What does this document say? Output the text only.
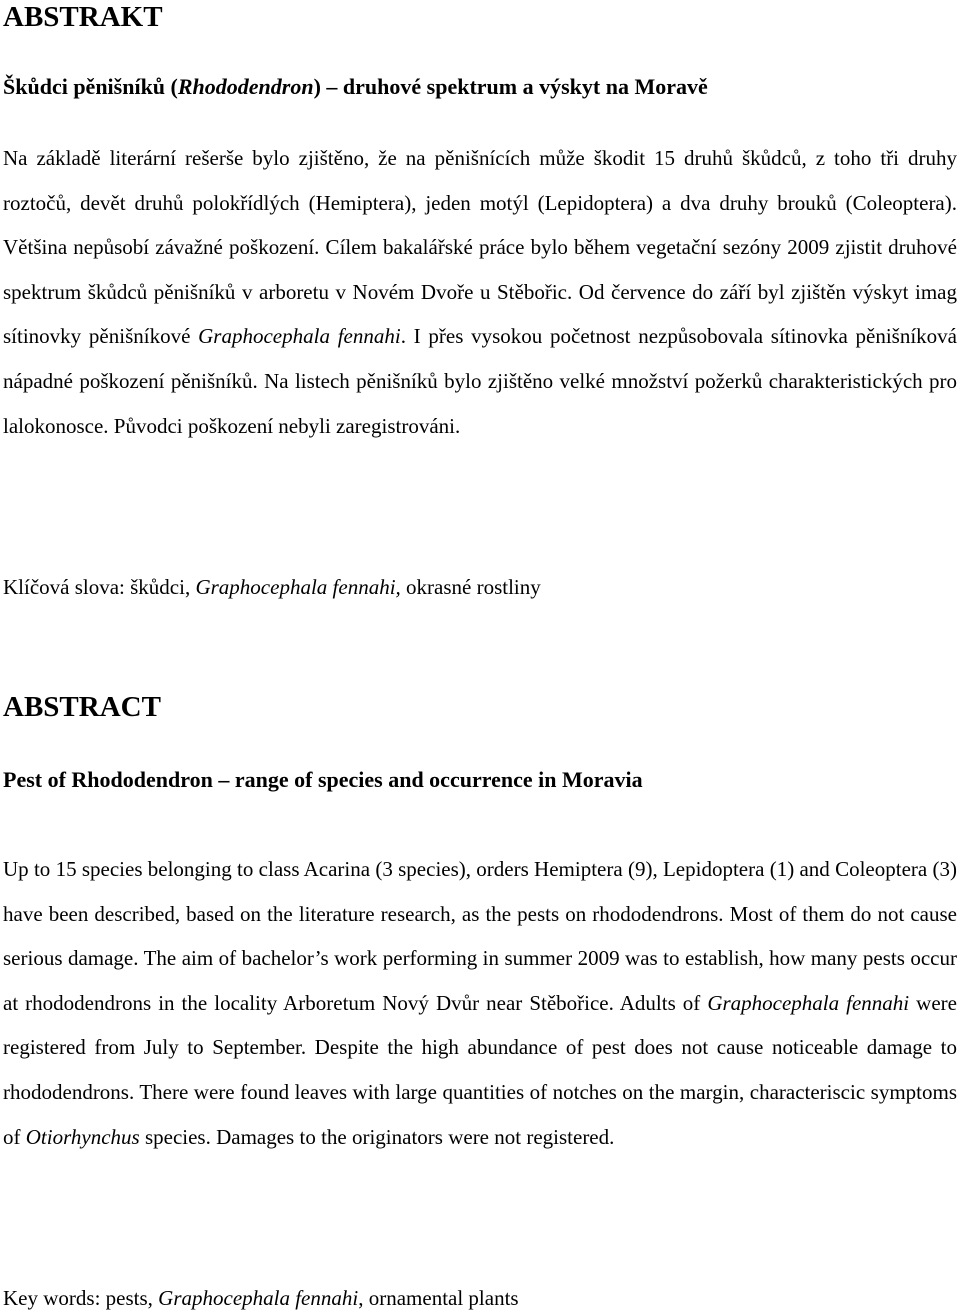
ABSTRAKT

Škůdci pěnišníků (Rhododendron) – druhové spektrum a výskyt na Moravě

Na základě literární rešerše bylo zjištěno, že na pěnišnících může škodit 15 druhů škůdců, z toho tři druhy roztočů, devět druhů polokřídlých (Hemiptera), jeden motýl (Lepidoptera) a dva druhy brouků (Coleoptera). Většina nepůsobí závažné poškození. Cílem bakalářské práce bylo během vegetační sezóny 2009 zjistit druhové spektrum škůdců pěnišníků v arboretu v Novém Dvoře u Stěbořic. Od července do září byl zjištěn výskyt imag sítinovky pěnišníkové Graphocephala fennahi. I přes vysokou početnost nezpůsobovala sítinovka pěnišníková nápadné poškození pěnišníků. Na listech pěnišníků bylo zjištěno velké množství požerků charakteristických pro lalokonosce. Původci poškození nebyli zaregistrováni.

Klíčová slova: škůdci, Graphocephala fennahi, okrasné rostliny

ABSTRACT

Pest of Rhododendron – range of species and occurrence in Moravia

Up to 15 species belonging to class Acarina (3 species), orders Hemiptera (9), Lepidoptera (1) and Coleoptera (3) have been described, based on the literature research, as the pests on rhododendrons. Most of them do not cause serious damage. The aim of bachelor’s work performing in summer 2009 was to establish, how many pests occur at rhododendrons in the locality Arboretum Nový Dvůr near Stěbořice. Adults of Graphocephala fennahi were registered from July to September. Despite the high abundance of pest does not cause noticeable damage to rhododendrons. There were found leaves with large quantities of notches on the margin, characteriscic symptoms of Otiorhynchus species. Damages to the originators were not registered.

Key words: pests, Graphocephala fennahi, ornamental plants
